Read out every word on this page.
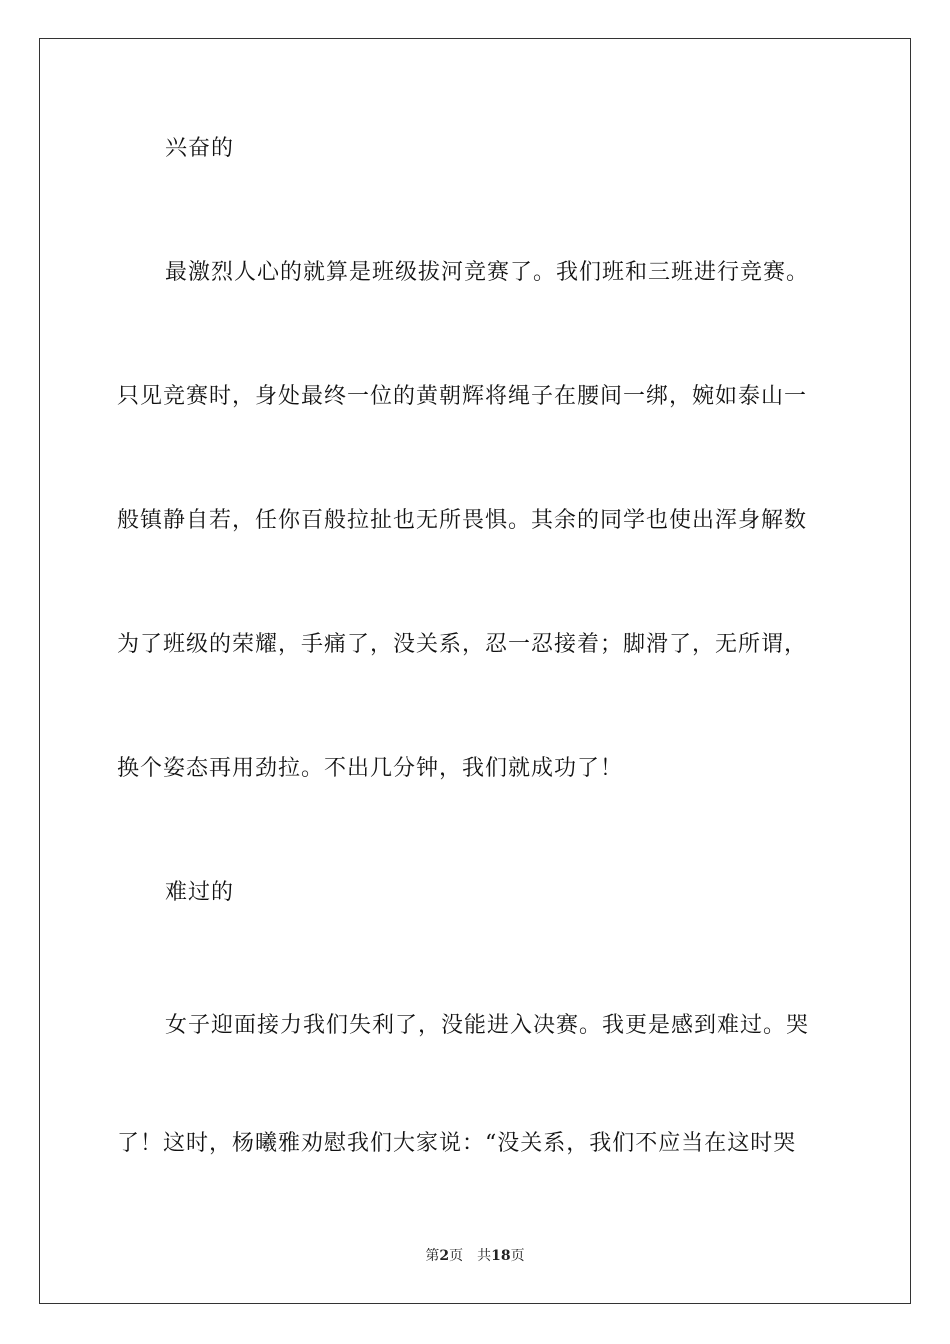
兴奋的
最激烈人心的就算是班级拔河竞赛了。我们班和三班进行竞赛。
只见竞赛时，身处最终一位的黄朝辉将绳子在腰间一绑，婉如泰山一
般镇静自若，任你百般拉扯也无所畏惧。其余的同学也使出浑身解数
为了班级的荣耀，手痛了，没关系，忍一忍接着；脚滑了，无所谓，
换个姿态再用劲拉。不出几分钟，我们就成功了！
难过的
女子迎面接力我们失利了，没能进入决赛。我更是感到难过。哭
了！这时，杨曦雅劝慰我们大家说：“没关系，我们不应当在这时哭
第2页 共18页
